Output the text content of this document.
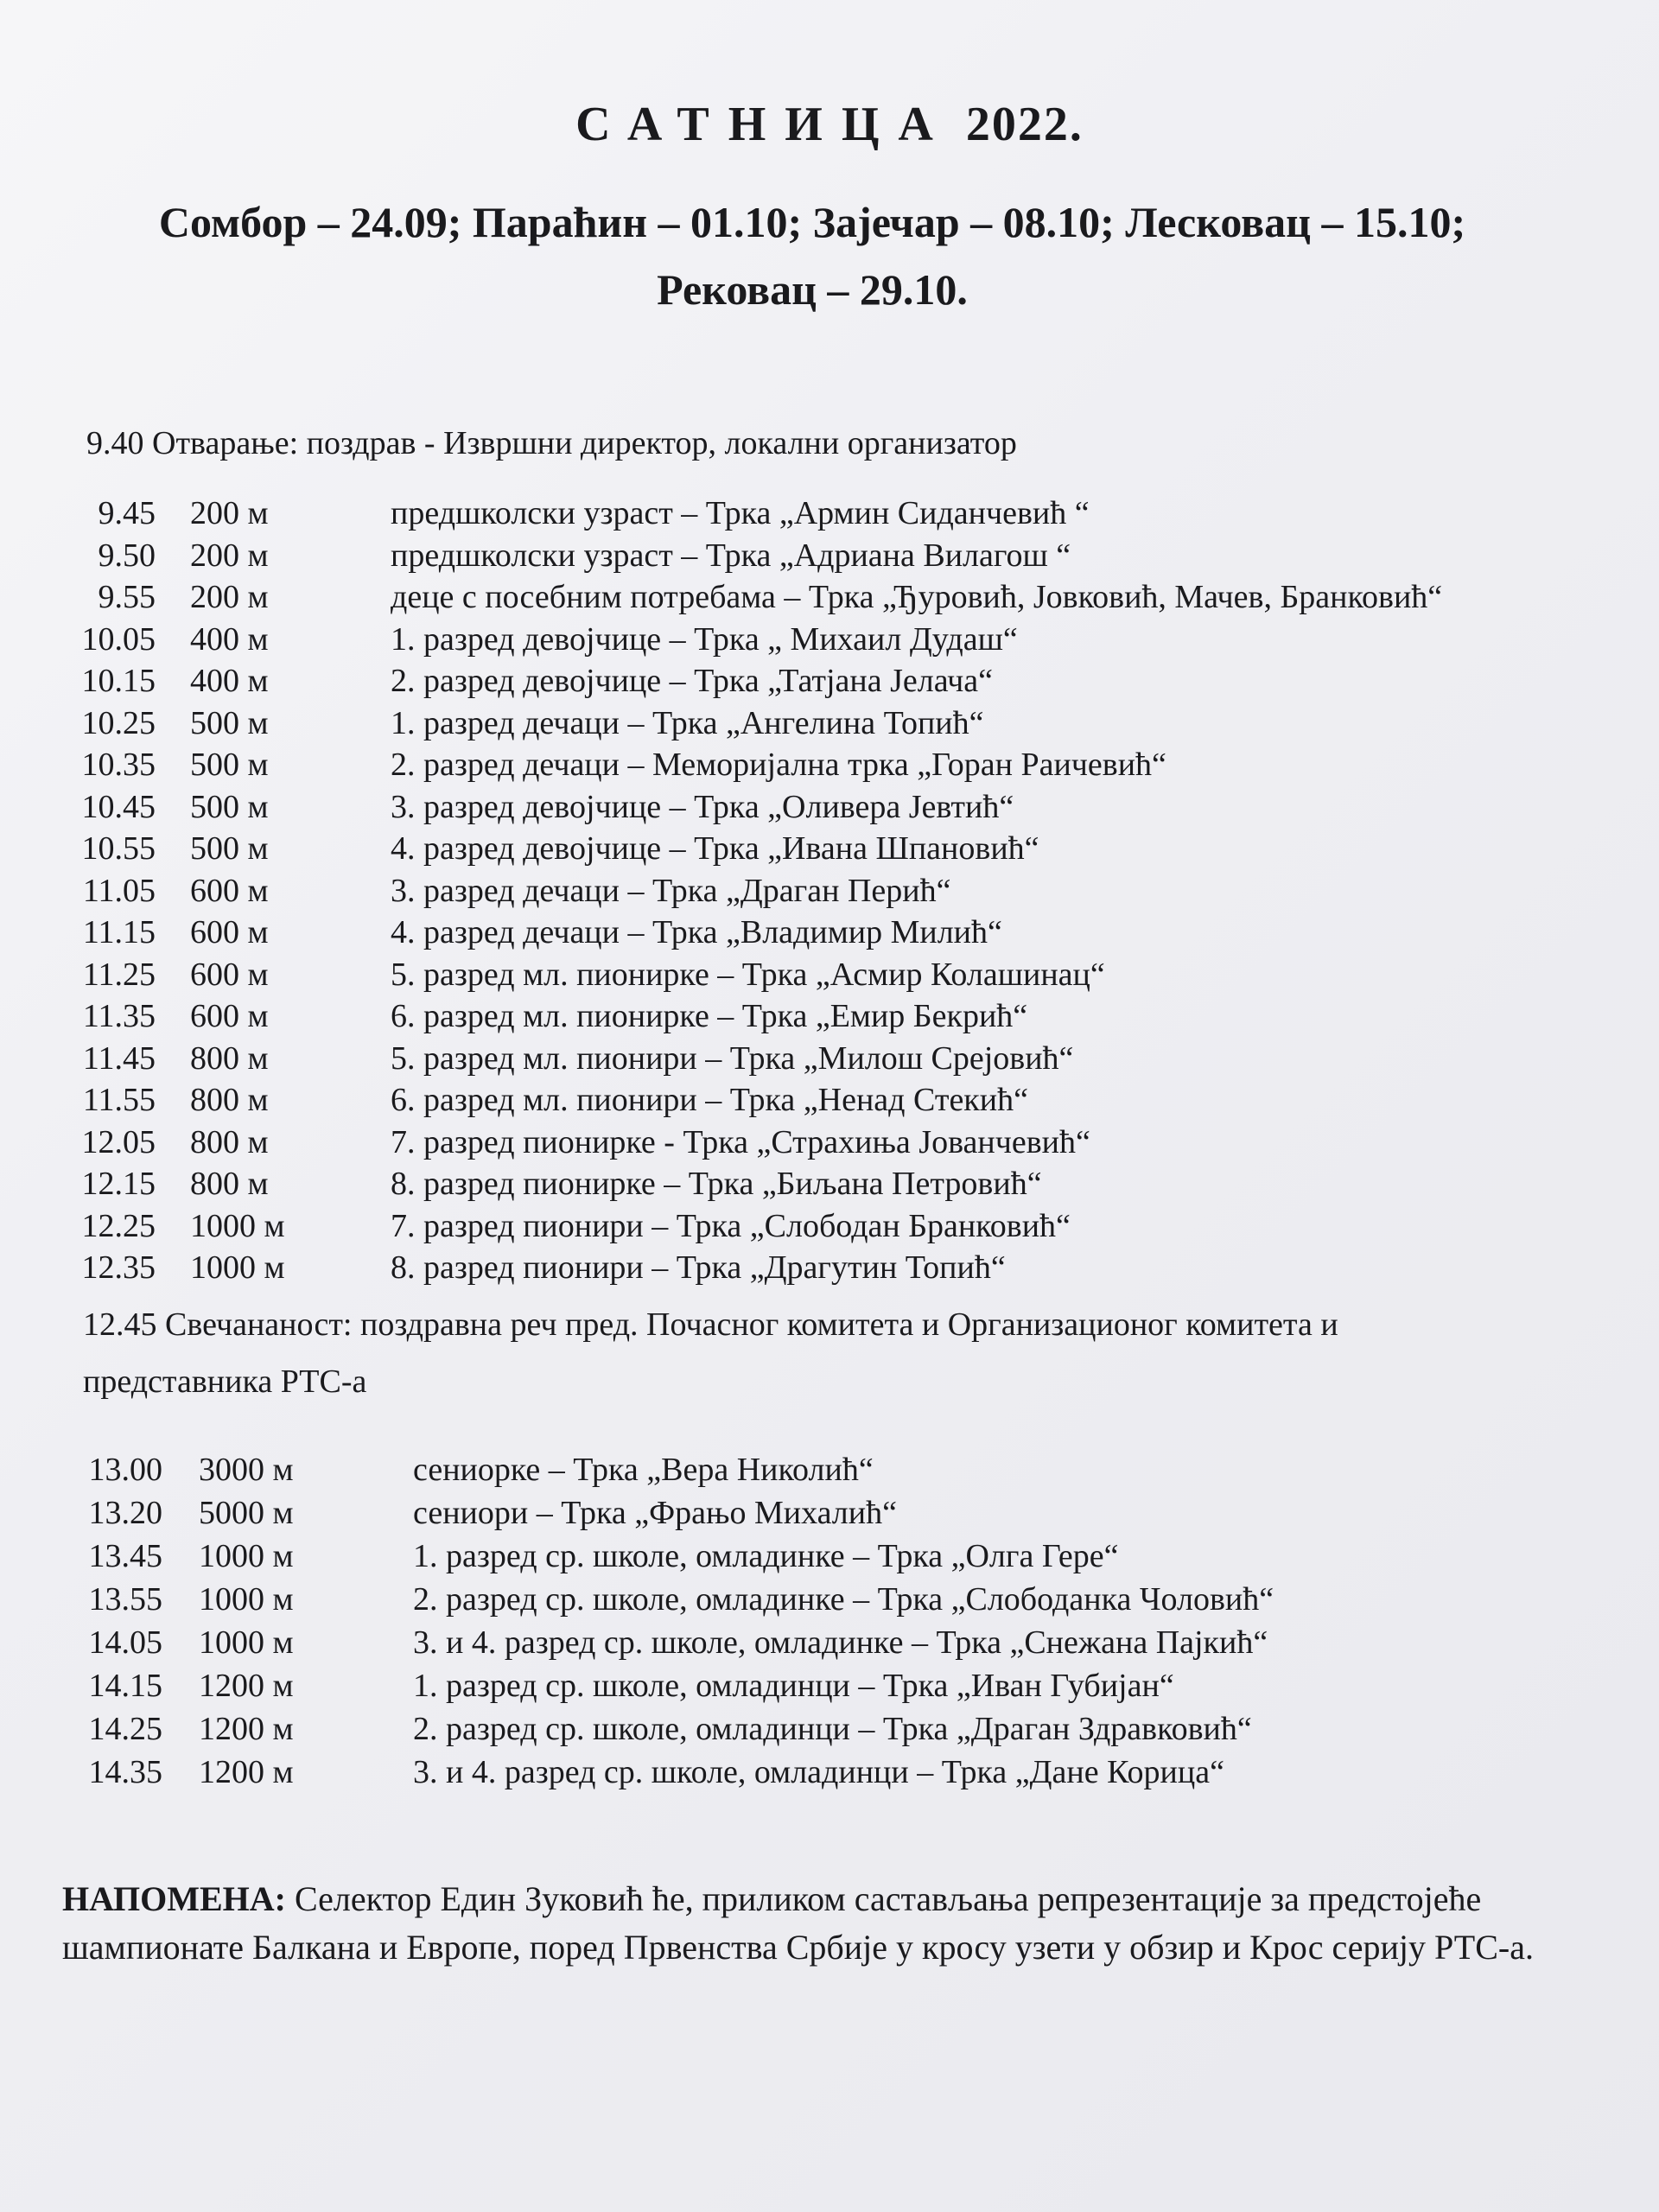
САТНИЦА 2022.
Сомбор – 24.09; Параћин – 01.10; Зајечар – 08.10; Лесковац – 15.10;
Рековац – 29.10.

9.40 Отварање: поздрав - Извршни директор, локални организатор

9.45 200 м	предшколски узраст – Трка „Армин Сиданчевић “
9.50 200 м	предшколски узраст – Трка „Адриана Вилагош “
9.55 200 м	деце с посебним потребама – Трка „Ђуровић, Јовковић, Мачев, Бранковић“
10.05 400 м	1. разред девојчице – Трка „ Михаил Дудаш“
10.15 400 м	2. разред девојчице – Трка „Татјана Јелача“
10.25 500 м	1. разред дечаци – Трка „Ангелина Топић“
10.35 500 м	2. разред дечаци – Меморијална трка „Горан Раичевић“
10.45 500 м	3. разред девојчице – Трка „Оливера Јевтић“
10.55 500 м	4. разред девојчице – Трка „Ивана Шпановић“
11.05 600 м	3. разред дечаци – Трка „Драган Перић“
11.15 600 м	4. разред дечаци – Трка „Владимир Милић“
11.25 600 м	5. разред мл. пионирке – Трка „Асмир Колашинац“
11.35 600 м	6. разред мл. пионирке – Трка „Емир Бекрић“
11.45 800 м	5. разред мл. пионири – Трка „Милош Срејовић“
11.55 800 м	6. разред мл. пионири – Трка „Ненад Стекић“
12.05 800 м	7. разред пионирке - Трка „Страхиња Јованчевић“
12.15 800 м	8. разред пионирке – Трка „Биљана Петровић“
12.25 1000 м	7. разред пионири – Трка „Слободан Бранковић“
12.35 1000 м	8. разред пионири – Трка „Драгутин Топић“

12.45 Свечананост: поздравна реч пред. Почасног комитета и Организационог комитета и

представника РТС-а

13.00 3000 м	сениорке – Трка „Вера Николић“
13.20 5000 м	сениори – Трка „Фрањо Михалић“
13.45 1000 м	1. разред ср. школе, омладинке – Трка „Олга Гере“
13.55 1000 м	2. разред ср. школе, омладинке – Трка „Слободанка Чоловић“
14.05 1000 м	3. и 4. разред ср. школе, омладинке – Трка „Снежана Пајкић“
14.15 1200 м	1. разред ср. школе, омладинци – Трка „Иван Губијан“
14.25 1200 м	2. разред ср. школе, омладинци – Трка „Драган Здравковић“
14.35 1200 м	3. и 4. разред ср. школе, омладинци – Трка „Дане Корица“

НАПОМЕНА: Селектор Един Зуковић ће, приликом састављања репрезентације за предстојеће шампионате Балкана и Европе, поред Првенства Србије у кросу узети у обзир и Крос серију РТС-а.
